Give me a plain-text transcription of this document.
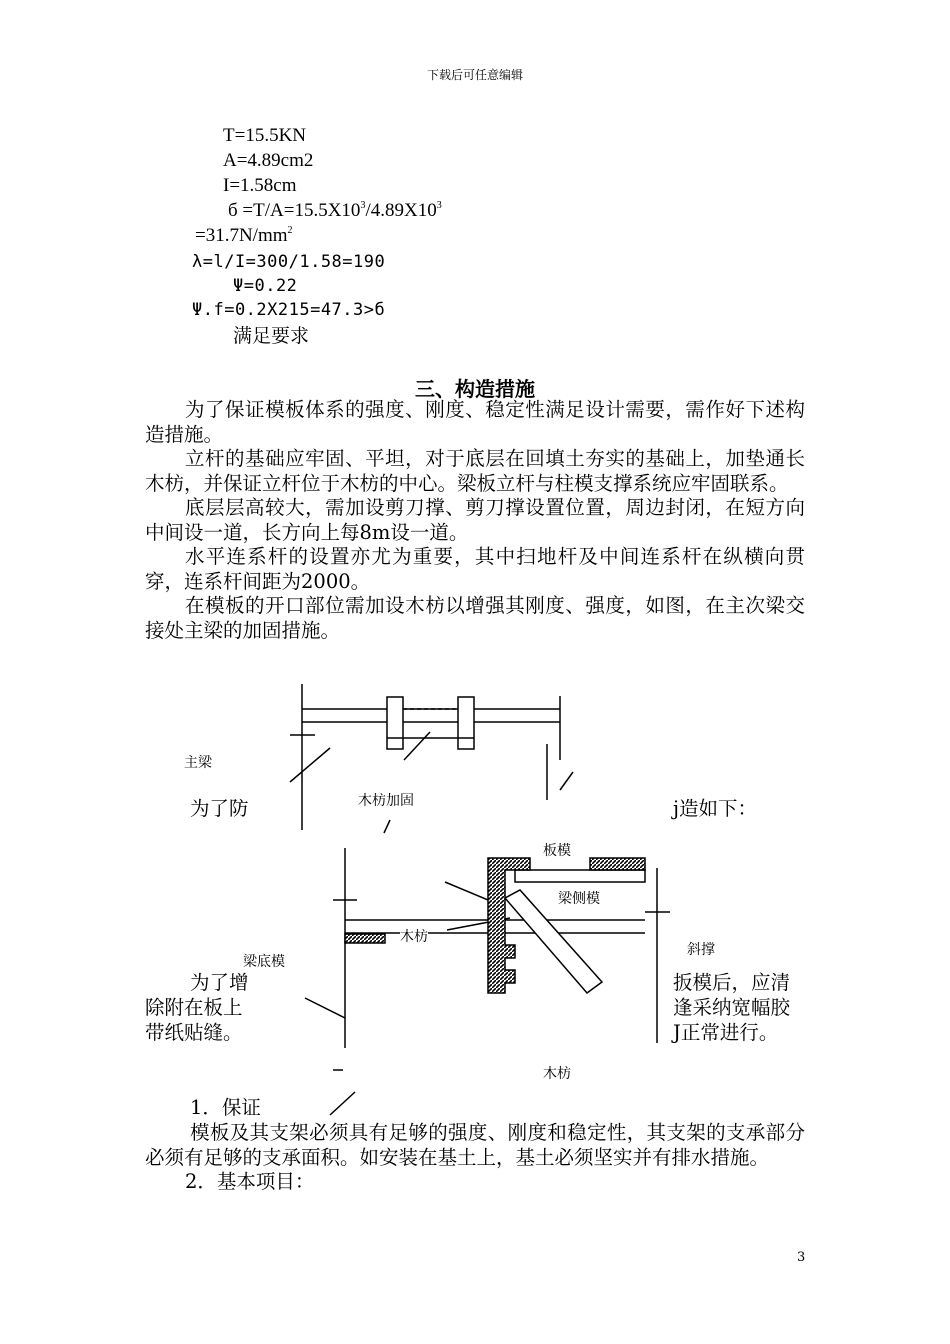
下载后可任意编辑
T=15.5KN
A=4.89cm2
I=1.58cm
$б =T/A=15.5X10^3/4.89X10^3$
$=31.7N/mm^2$
λ=l/I=300/1.58=190
Ψ=0.22
Ψ.f=0.2X215=47.3>б
满足要求
三、构造措施

为了保证模板体系的强度、刚度、稳定性满足设计需要，需作好下述构造措施。

立杆的基础应牢固、平坦，对于底层在回填土夯实的基础上，加垫通长木枋，并保证立杆位于木枋的中心。梁板立杆与柱模支撑系统应牢固联系。

底层层高较大，需加设剪刀撑、剪刀撑设置位置，周边封闭，在短方向中间设一道，长方向上每8m设一道。

水平连系杆的设置亦尤为重要，其中扫地杆及中间连系杆在纵横向贯穿，连系杆间距为2000。

在模板的开口部位需加设木枋以增强其刚度、强度，如图，在主次梁交接处主梁的加固措施。

为了防	j造如下：
为了增	扳模后，应清
除附在板上	逢采纳宽幅胶
带纸贴缝。	J正常进行。
1．保证
主梁
木枋加固
板模
梁侧模
木枋
斜撑
梁底模
木枋

模板及其支架必须具有足够的强度、刚度和稳定性，其支架的支承部分必须有足够的支承面积。如安装在基土上，基土必须坚实并有排水措施。

2．基本项目：

3
